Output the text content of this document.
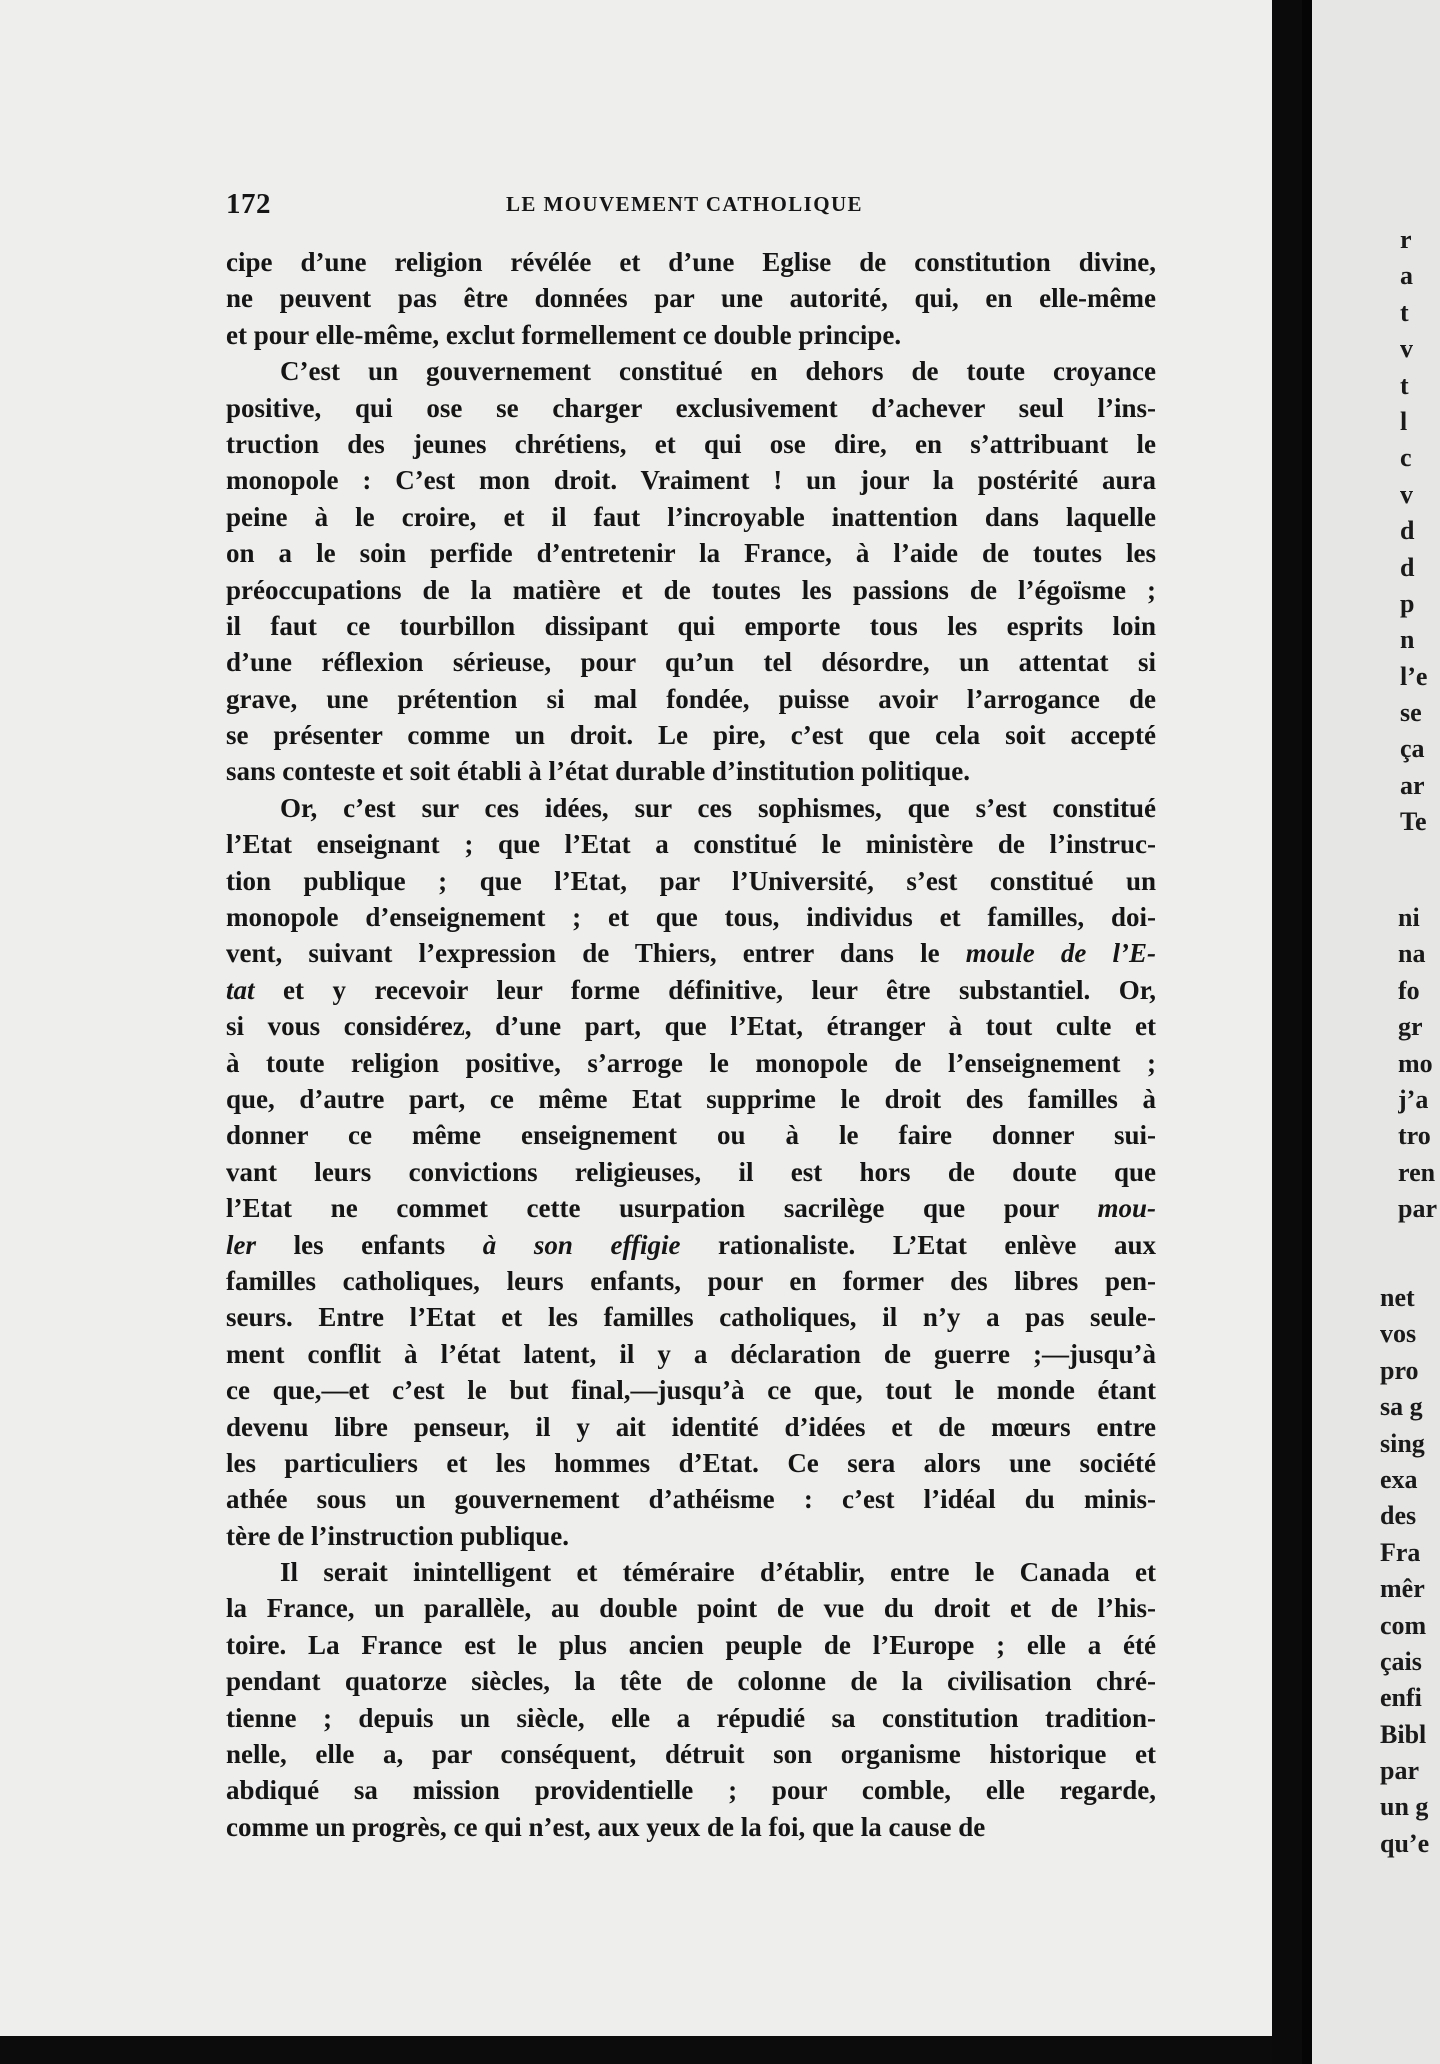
172	LE MOUVEMENT CATHOLIQUE
cipe d’une religion révélée et d’une Eglise de constitution divine,
ne peuvent pas être données par une autorité, qui, en elle-même
et pour elle-même, exclut formellement ce double principe.
C’est un gouvernement constitué en dehors de toute croyance
positive, qui ose se charger exclusivement d’achever seul l’ins-
truction des jeunes chrétiens, et qui ose dire, en s’attribuant le
monopole : C’est mon droit. Vraiment ! un jour la postérité aura
peine à le croire, et il faut l’incroyable inattention dans laquelle
on a le soin perfide d’entretenir la France, à l’aide de toutes les
préoccupations de la matière et de toutes les passions de l’égoïsme ;
il faut ce tourbillon dissipant qui emporte tous les esprits loin
d’une réflexion sérieuse, pour qu’un tel désordre, un attentat si
grave, une prétention si mal fondée, puisse avoir l’arrogance de
se présenter comme un droit. Le pire, c’est que cela soit accepté
sans conteste et soit établi à l’état durable d’institution politique.
Or, c’est sur ces idées, sur ces sophismes, que s’est constitué
l’Etat enseignant ; que l’Etat a constitué le ministère de l’instruc-
tion publique ; que l’Etat, par l’Université, s’est constitué un
monopole d’enseignement ; et que tous, individus et familles, doi-
vent, suivant l’expression de Thiers, entrer dans le moule de l’E-
tat et y recevoir leur forme définitive, leur être substantiel. Or,
si vous considérez, d’une part, que l’Etat, étranger à tout culte et
à toute religion positive, s’arroge le monopole de l’enseignement ;
que, d’autre part, ce même Etat supprime le droit des familles à
donner ce même enseignement ou à le faire donner sui-
vant leurs convictions religieuses, il est hors de doute que
l’Etat ne commet cette usurpation sacrilège que pour mou-
ler les enfants à son effigie rationaliste. L’Etat enlève aux
familles catholiques, leurs enfants, pour en former des libres pen-
seurs. Entre l’Etat et les familles catholiques, il n’y a pas seule-
ment conflit à l’état latent, il y a déclaration de guerre ;—jusqu’à
ce que,—et c’est le but final,—jusqu’à ce que, tout le monde étant
devenu libre penseur, il y ait identité d’idées et de mœurs entre
les particuliers et les hommes d’Etat. Ce sera alors une société
athée sous un gouvernement d’athéisme : c’est l’idéal du minis-
tère de l’instruction publique.
Il serait inintelligent et téméraire d’établir, entre le Canada et
la France, un parallèle, au double point de vue du droit et de l’his-
toire. La France est le plus ancien peuple de l’Europe ; elle a été
pendant quatorze siècles, la tête de colonne de la civilisation chré-
tienne ; depuis un siècle, elle a répudié sa constitution tradition-
nelle, elle a, par conséquent, détruit son organisme historique et
abdiqué sa mission providentielle ; pour comble, elle regarde,
comme un progrès, ce qui n’est, aux yeux de la foi, que la cause de
r
a
t
v
t
l
c
v
d
d
p
n
l’e
se
ça
ar
Te
ni
na
fo
gr
mo
j’a
tro
ren
par
net
vos
pro
sa g
sing
exa
des
Fra
mêr
com
çais
enfi
Bibl
par
un g
qu’e
